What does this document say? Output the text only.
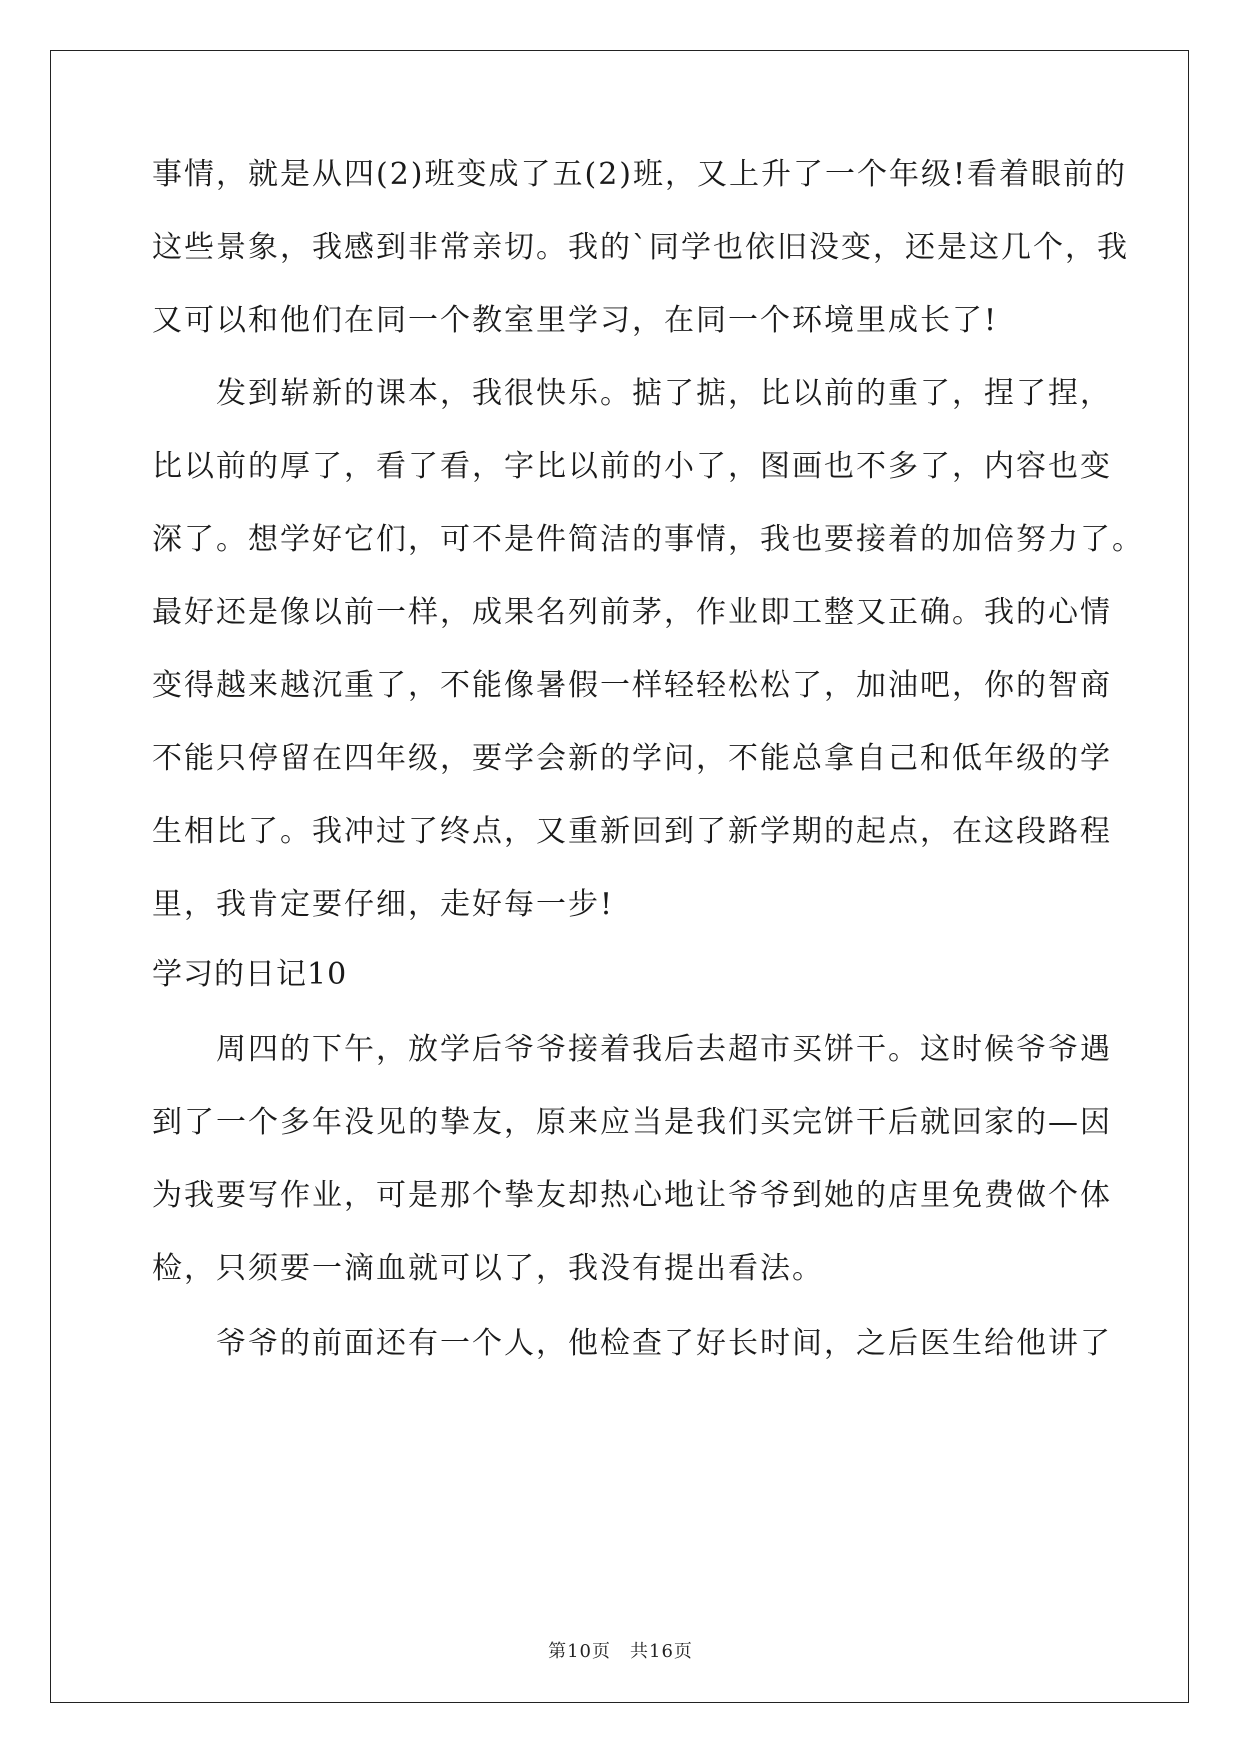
事情，就是从四(2)班变成了五(2)班，又上升了一个年级!看着眼前的
这些景象，我感到非常亲切。我的`同学也依旧没变，还是这几个，我
又可以和他们在同一个教室里学习，在同一个环境里成长了!
发到崭新的课本，我很快乐。掂了掂，比以前的重了，捏了捏，
比以前的厚了，看了看，字比以前的小了，图画也不多了，内容也变
深了。想学好它们，可不是件简洁的事情，我也要接着的加倍努力了。
最好还是像以前一样，成果名列前茅，作业即工整又正确。我的心情
变得越来越沉重了，不能像暑假一样轻轻松松了，加油吧，你的智商
不能只停留在四年级，要学会新的学问，不能总拿自己和低年级的学
生相比了。我冲过了终点，又重新回到了新学期的起点，在这段路程
里，我肯定要仔细，走好每一步!
学习的日记10
周四的下午，放学后爷爷接着我后去超市买饼干。这时候爷爷遇
到了一个多年没见的挚友，原来应当是我们买完饼干后就回家的—因
为我要写作业，可是那个挚友却热心地让爷爷到她的店里免费做个体
检，只须要一滴血就可以了，我没有提出看法。
爷爷的前面还有一个人，他检查了好长时间，之后医生给他讲了
第10页　共16页
